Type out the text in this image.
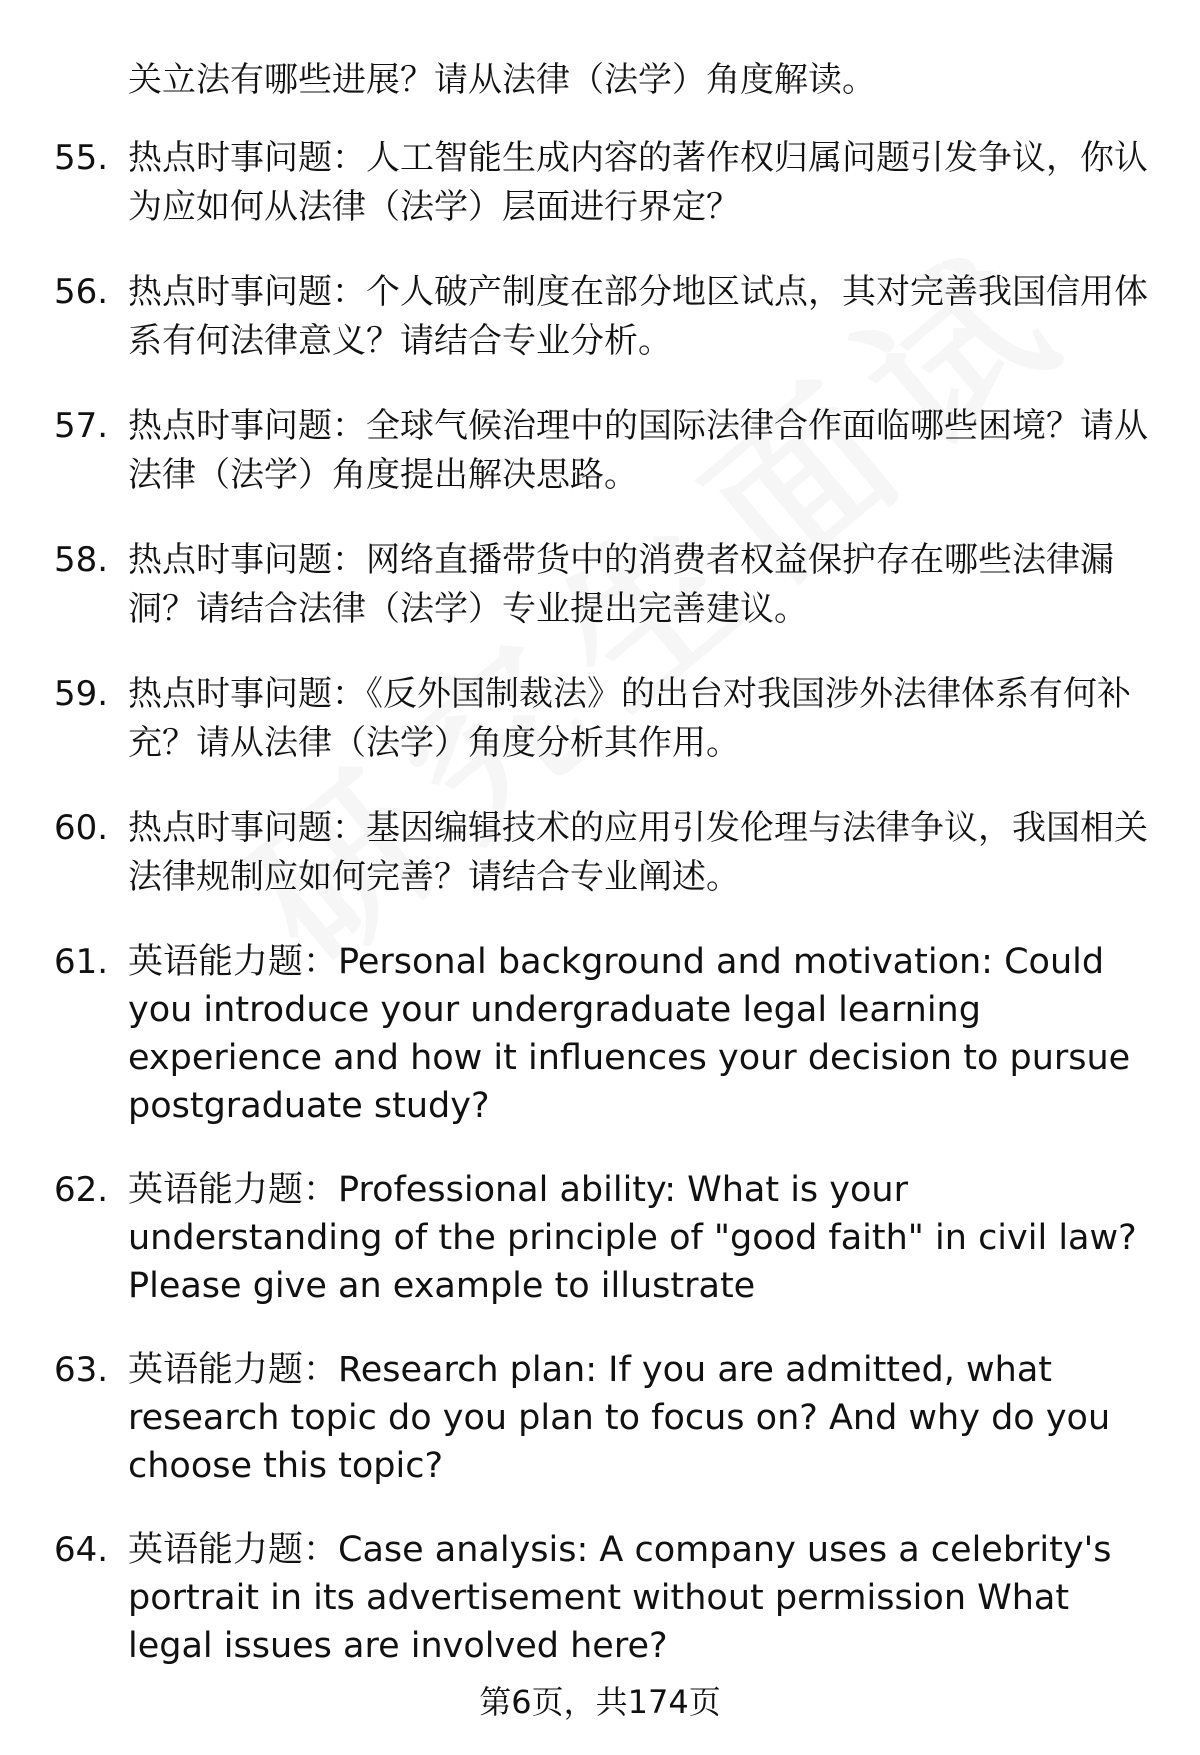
关立法有哪些进展？请从法律（法学）角度解读。
55. 热点时事问题：人工智能生成内容的著作权归属问题引发争议，你认为应如何从法律（法学）层面进行界定？
56. 热点时事问题：个人破产制度在部分地区试点，其对完善我国信用体系有何法律意义？请结合专业分析。
57. 热点时事问题：全球气候治理中的国际法律合作面临哪些困境？请从法律（法学）角度提出解决思路。
58. 热点时事问题：网络直播带货中的消费者权益保护存在哪些法律漏洞？请结合法律（法学）专业提出完善建议。
59. 热点时事问题：《反外国制裁法》的出台对我国涉外法律体系有何补充？请从法律（法学）角度分析其作用。
60. 热点时事问题：基因编辑技术的应用引发伦理与法律争议，我国相关法律规制应如何完善？请结合专业阐述。
61. 英语能力题：Personal background and motivation: Could you introduce your undergraduate legal learning experience and how it influences your decision to pursue postgraduate study?
62. 英语能力题：Professional ability: What is your understanding of the principle of "good faith" in civil law? Please give an example to illustrate
63. 英语能力题：Research plan: If you are admitted, what research topic do you plan to focus on? And why do you choose this topic?
64. 英语能力题：Case analysis: A company uses a celebrity's portrait in its advertisement without permission What legal issues are involved here?
第6页，共174页
